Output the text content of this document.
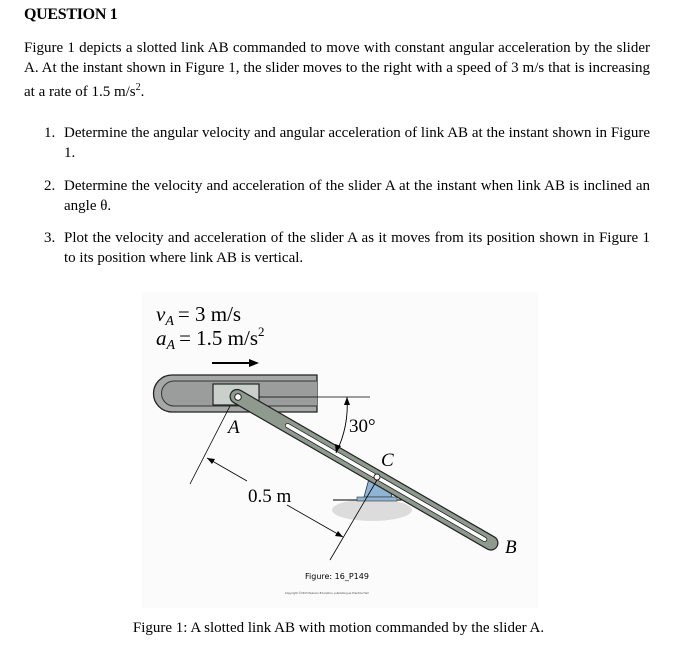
QUESTION 1
Figure 1 depicts a slotted link AB commanded to move with constant angular acceleration by the slider A. At the instant shown in Figure 1, the slider moves to the right with a speed of 3 m/s that is increasing at a rate of 1.5 $m/s^2$.
1. Determine the angular velocity and angular acceleration of link AB at the instant shown in Figure 1.
2. Determine the velocity and acceleration of the slider A at the instant when link AB is inclined an angle θ.
3. Plot the velocity and acceleration of the slider A as it moves from its position shown in Figure 1 to its position where link AB is vertical.
vA = 3 m/s
aA = 1.5 $m/s^2$
A	30°
C
B
0.5 m
Figure: 16_P149
Copyright ©2013 Pearson Education, publishing as Prentice Hall
Figure 1: A slotted link AB with motion commanded by the slider A.
